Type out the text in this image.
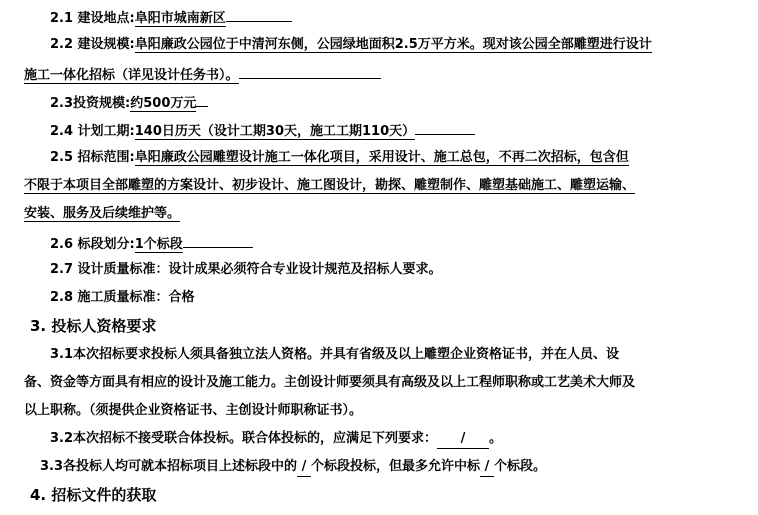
2.1 建设地点:阜阳市城南新区
2.2 建设规模:阜阳廉政公园位于中清河东侧，公园绿地面积2.5万平方米。现对该公园全部雕塑进行设计
施工一体化招标（详见设计任务书）。
2.3投资规模:约500万元
2.4 计划工期:140日历天（设计工期30天，施工工期110天）
2.5 招标范围:阜阳廉政公园雕塑设计施工一体化项目，采用设计、施工总包，不再二次招标，包含但
不限于本项目全部雕塑的方案设计、初步设计、施工图设计，勘探、雕塑制作、雕塑基础施工、雕塑运输、
安装、服务及后续维护等。
2.6 标段划分:1个标段
2.7 设计质量标准：设计成果必须符合专业设计规范及招标人要求。
2.8 施工质量标准：合格
3. 投标人资格要求
3.1本次招标要求投标人须具备独立法人资格。并具有省级及以上雕塑企业资格证书，并在人员、设
备、资金等方面具有相应的设计及施工能力。主创设计师要须具有高级及以上工程师职称或工艺美术大师及
以上职称。（须提供企业资格证书、主创设计师职称证书）。
3.2本次招标不接受联合体投标。联合体投标的，应满足下列要求： / 。
3.3各投标人均可就本招标项目上述标段中的 / 个标段投标，但最多允许中标 / 个标段。
4. 招标文件的获取
